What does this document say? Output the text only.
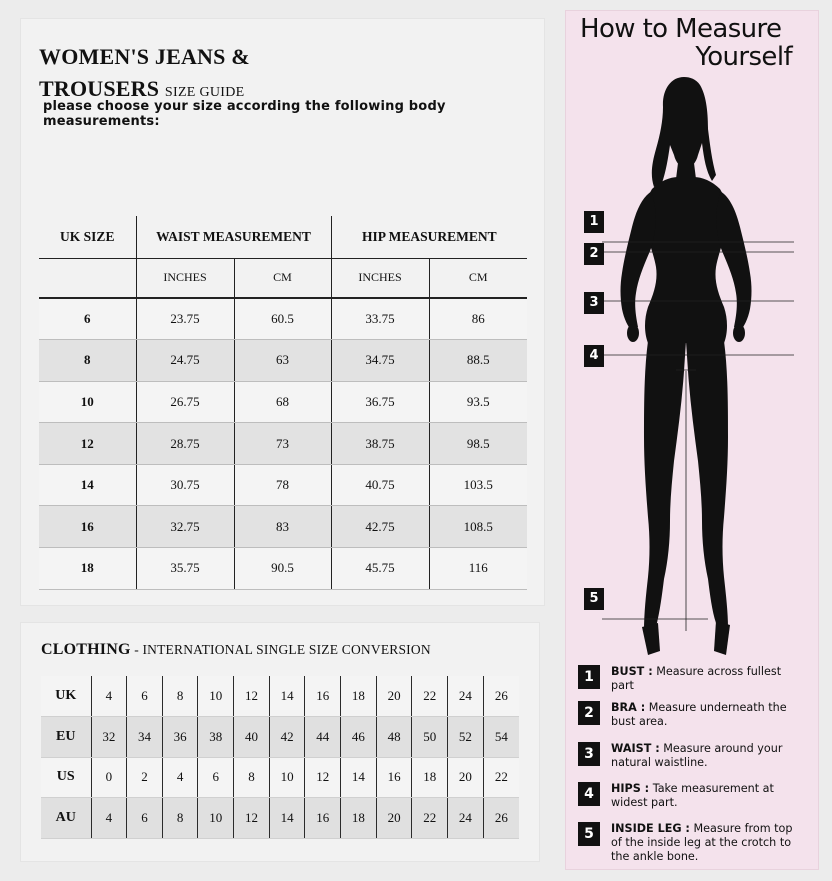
WOMEN'S JEANS &
TROUSERS SIZE GUIDE
please choose your size according the following body measurements:
UK SIZE	WAIST MEASUREMENT		HIP MEASUREMENT	
	INCHES	CM	INCHES	CM
6	23.75	60.5	33.75	86
8	24.75	63	34.75	88.5
10	26.75	68	36.75	93.5
12	28.75	73	38.75	98.5
14	30.75	78	40.75	103.5
16	32.75	83	42.75	108.5
18	35.75	90.5	45.75	116
CLOTHING - INTERNATIONAL SINGLE SIZE CONVERSION
UK	4	6	8	10	12	14	16	18	20	22	24	26
EU	32	34	36	38	40	42	44	46	48	50	52	54
US	0	2	4	6	8	10	12	14	16	18	20	22
AU	4	6	8	10	12	14	16	18	20	22	24	26
How to Measure
Yourself
1
2
3
4
5
1	BUST : Measure across fullest part
2	BRA : Measure underneath the bust area.
3	WAIST : Measure around your natural waistline.
4	HIPS : Take measurement at widest part.
5	INSIDE LEG : Measure from top of the inside leg at the crotch to the ankle bone.
